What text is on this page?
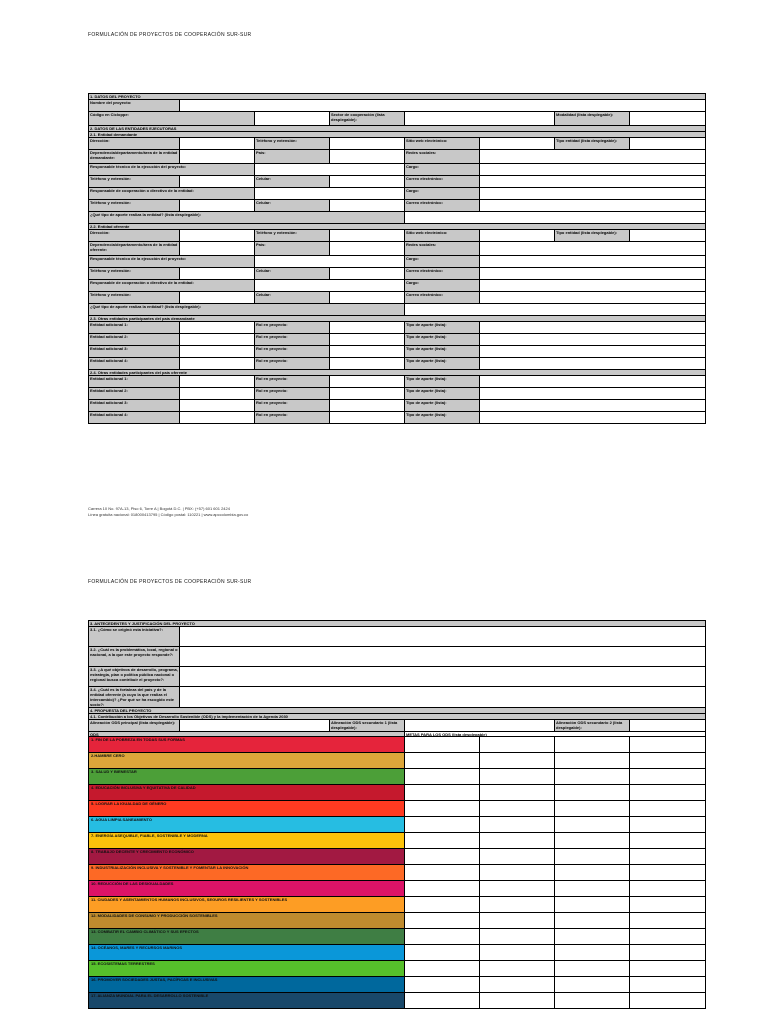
FORMULACIÓN DE PROYECTOS DE COOPERACIÓN SUR-SUR
1. DATOS DEL PROYECTO							
Nombre del proyecto:							
Código en Cicloppe:			Sector de cooperación (lista desplegable):			Modalidad (lista desplegable):	
2. DATOS DE LAS ENTIDADES EJECUTORAS							
2.1. Entidad demandante							
Dirección:		Teléfono y extensión:		Sitio web electrónico:		Tipo entidad (lista desplegable):	
Dependencia/departamento/área de la entidad demandante:		País:		Redes sociales:			
Responsable técnico de la ejecución del proyecto:				Cargo:			
Teléfono y extensión:		Celular:		Correo electrónico:			
Responsable de cooperación o directivo de la entidad:				Cargo:			
Teléfono y extensión:		Celular:		Correo electrónico:			
¿Qué tipo de aporte realiza la entidad? (lista desplegable):							
2.2. Entidad oferente							
Dirección:		Teléfono y extensión:		Sitio web electrónico:		Tipo entidad (lista desplegable):	
Dependencia/departamento/área de la entidad oferente:		País:		Redes sociales:			
Responsable técnico de la ejecución del proyecto:				Cargo:			
Teléfono y extensión:		Celular:		Correo electrónico:			
Responsable de cooperación o directivo de la entidad:				Cargo:			
Teléfono y extensión:		Celular:		Correo electrónico:			
¿Qué tipo de aporte realiza la entidad? (lista desplegable):							
2.3. Otras entidades participantes del país demandante							
Entidad adicional 1:		Rol en proyecto:		Tipo de aporte (lista):			
Entidad adicional 2:		Rol en proyecto:		Tipo de aporte (lista):			
Entidad adicional 3:		Rol en proyecto:		Tipo de aporte (lista):			
Entidad adicional 4:		Rol en proyecto:		Tipo de aporte (lista):			
2.4. Otras entidades participantes del país oferente							
Entidad adicional 1:		Rol en proyecto:		Tipo de aporte (lista):			
Entidad adicional 2:		Rol en proyecto:		Tipo de aporte (lista):			
Entidad adicional 3:		Rol en proyecto:		Tipo de aporte (lista):			
Entidad adicional 4:		Rol en proyecto:		Tipo de aporte (lista):			
Carrera 10 No. 97A-13, Piso 6, Torre A | Bogotá D.C. | PBX: (+57) 601 601 2424
Línea gratuita nacional: 018000413795 | Código postal: 110221 | www.apccolombia.gov.co
FORMULACIÓN DE PROYECTOS DE COOPERACIÓN SUR-SUR
3. ANTECEDENTES Y JUSTIFICACIÓN DEL PROYECTO					
3.1. ¿Cómo se originó esta iniciativa?:					
3.2. ¿Cuál es la problemática, local, regional o nacional, a la que este proyecto responde?:					
3.3. ¿A qué objetivos de desarrollo, programa, estrategia, plan o política pública nacional o regional busca contribuir el proyecto?:					
3.4. ¿Cuál es la fortaleza del país y de la entidad oferente (a cuyo la que realiza el intercambio)? ¿Por qué se ha escogido este socio?:					
4. PROPUESTA DEL PROYECTO					
4.1. Contribución a los Objetivos de Desarrollo Sostenible (ODS) y la implementación de la Agenda 2030					
Alineación ODS principal (lista desplegable):		Alineación ODS secundario 1 (lista desplegable):		Alineación ODS secundario 2 (lista desplegable):	
ODS			METAS PARA LOS ODS (lista desplegable)		
1. FIN DE LA POBREZA EN TODAS SUS FORMAS				
2.HAMBRE CERO				
3. SALUD Y BIENESTAR				
4. EDUCACIÓN INCLUSIVA Y EQUITATIVA DE CALIDAD				
5. LOGRAR LA IGUALDAD DE GÉNERO				
6. AGUA LIMPIA SANEAMIENTO				
7. ENERGÍA ASEQUIBLE, FIABLE, SOSTENIBLE Y MODERNA				
8. TRABAJO DECENTE Y CRECIMIENTO ECONÓMICO				
9. INDUSTRIALIZACIÓN INCLUSIVA Y SOSTENIBLE Y FOMENTAR LA INNOVACIÓN				
10. REDUCCIÓN DE LAS DESIGUALDADES				
11. CIUDADES Y ASENTAMIENTOS HUMANOS INCLUSIVOS, SEGUROS RESILIENTES Y SOSTENIBLES				
12. MODALIDADES DE CONSUMO Y PRODUCCIÓN SOSTENIBLES				
13. COMBATIR EL CAMBIO CLIMÁTICO Y SUS EFECTOS				
14. OCÉANOS, MARES Y RECURSOS MARINOS				
15. ECOSISTEMAS TERRESTRES				
16. PROMOVER SOCIEDADES JUSTAS, PACÍFICAS E INCLUSIVAS				
17. ALIANZA MUNDIAL PARA EL DESARROLLO SOSTENIBLE				
